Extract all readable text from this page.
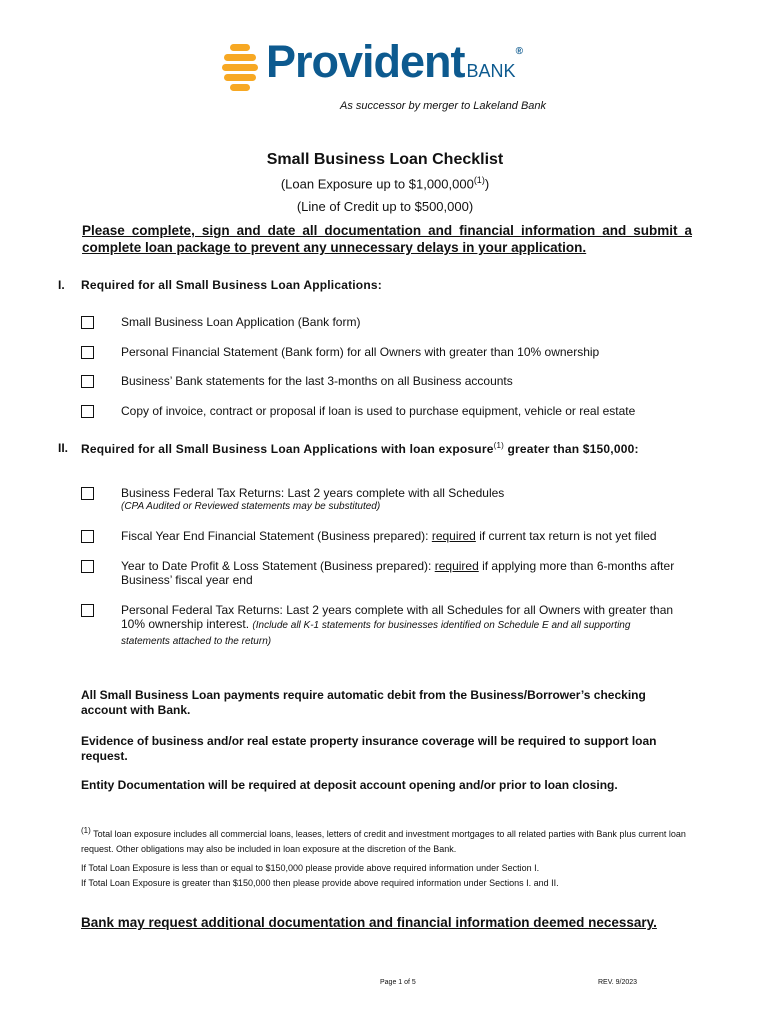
Provident BANK®
As successor by merger to Lakeland Bank
Small Business Loan Checklist
(Loan Exposure up to $1,000,000$^{(1)}$)
(Line of Credit up to $500,000)
Please complete, sign and date all documentation and financial information and submit a complete loan package to prevent any unnecessary delays in your application.
I. Required for all Small Business Loan Applications:
Small Business Loan Application (Bank form)
Personal Financial Statement (Bank form) for all Owners with greater than 10% ownership
Business’ Bank statements for the last 3-months on all Business accounts
Copy of invoice, contract or proposal if loan is used to purchase equipment, vehicle or real estate
II. Required for all Small Business Loan Applications with loan exposure$^{(1)}$ greater than $150,000:
Business Federal Tax Returns: Last 2 years complete with all Schedules
(CPA Audited or Reviewed statements may be substituted)
Fiscal Year End Financial Statement (Business prepared): required if current tax return is not yet filed
Year to Date Profit & Loss Statement (Business prepared): required if applying more than 6-months after Business’ fiscal year end
Personal Federal Tax Returns: Last 2 years complete with all Schedules for all Owners with greater than 10% ownership interest. (Include all K-1 statements for businesses identified on Schedule E and all supporting statements attached to the return)
All Small Business Loan payments require automatic debit from the Business/Borrower’s checking account with Bank.
Evidence of business and/or real estate property insurance coverage will be required to support loan request.
Entity Documentation will be required at deposit account opening and/or prior to loan closing.
$^{(1)}$ Total loan exposure includes all commercial loans, leases, letters of credit and investment mortgages to all related parties with Bank plus current loan request. Other obligations may also be included in loan exposure at the discretion of the Bank.
If Total Loan Exposure is less than or equal to $150,000 please provide above required information under Section I.
If Total Loan Exposure is greater than $150,000 then please provide above required information under Sections I. and II.
Bank may request additional documentation and financial information deemed necessary.
Page 1 of 5	REV. 9/2023
